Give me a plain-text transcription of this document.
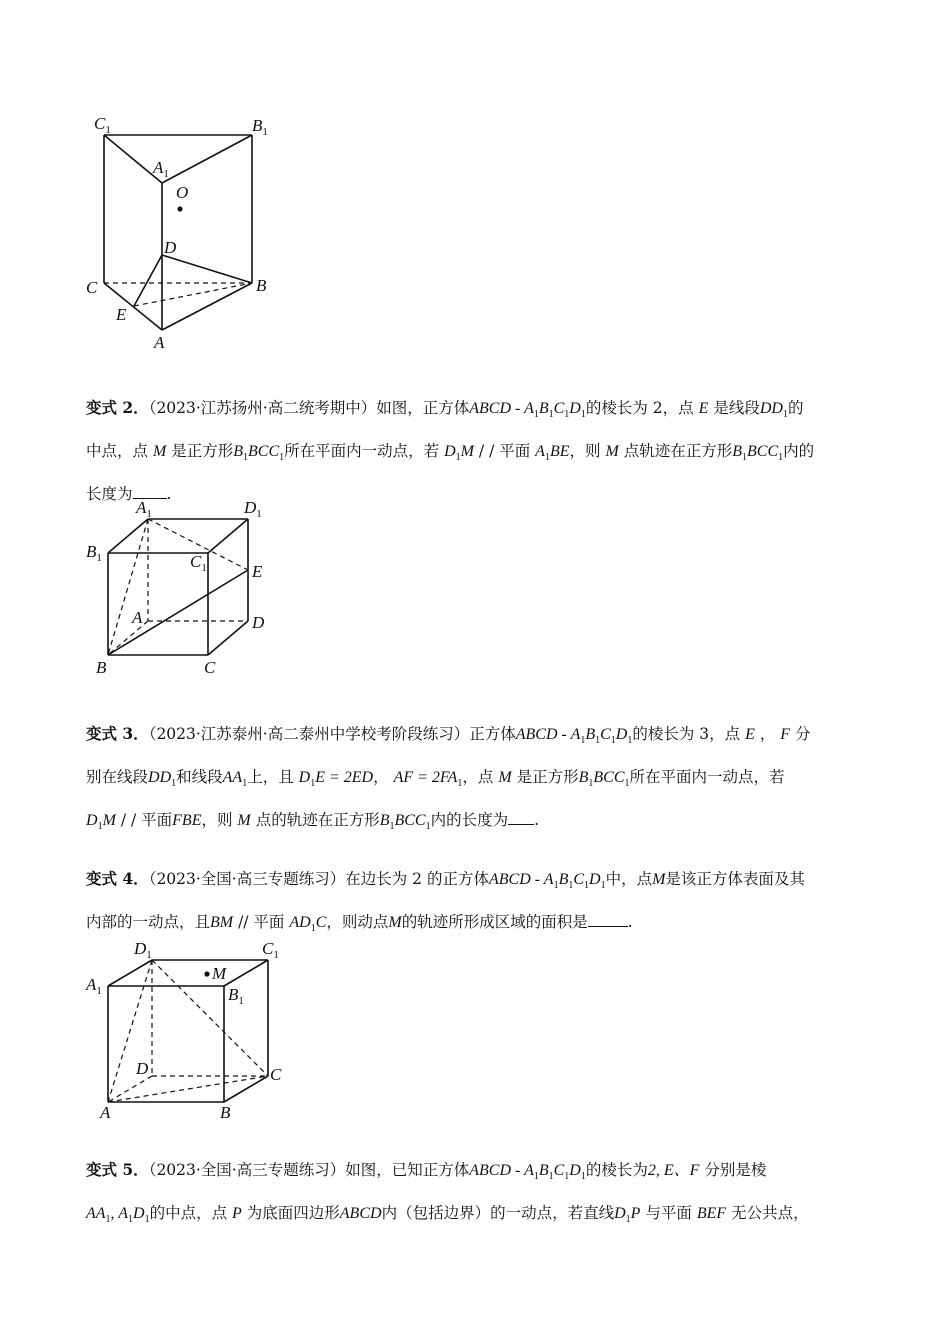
$C_1$	$B_1$
$A_1$
O
D
C	B
E
A
变式 2．（2023·江苏扬州·高二统考期中）如图，正方体ABCD - $A_1B_1C_1D_1$的棱长为 2，点 E 是线段$DD_1$的
中点，点 M 是正方形$B_1BCC_1$所在平面内一动点，若 $D_1M$ / / 平面 $A_1BE$，则 M 点轨迹在正方形$B_1BCC_1$内的
长度为 .
$A_1$	$D_1$
$B_1$	$C_1$	E
A	D
B	C
变式 3．（2023·江苏泰州·高二泰州中学校考阶段练习）正方体ABCD - $A_1B_1C_1D_1$的棱长为 3，点 E ， F 分
别在线段$DD_1$和线段$AA_1$上，且 $D_1E = 2ED$， AF = $2FA_1$，点 M 是正方形$B_1BCC_1$所在平面内一动点，若
$D_1M$ / / 平面FBE，则 M 点的轨迹在正方形$B_1BCC_1$内的长度为 .
变式 4．（2023·全国·高三专题练习）在边长为 2 的正方体ABCD - $A_1B_1C_1D_1$中，点M是该正方体表面及其
内部的一动点，且BM // 平面 $AD_1C$，则动点M的轨迹所形成区域的面积是	.
$D_1$	$C_1$
M
$A_1$	$B_1$
D	C
A	B
变式 5．（2023·全国·高三专题练习）如图，已知正方体ABCD - $A_1B_1C_1D_1$的棱长为2, E、F 分别是棱
$AA_1$, $A_1D_1$的中点，点 P 为底面四边形ABCD内（包括边界）的一动点，若直线$D_1P$ 与平面 BEF 无公共点，
